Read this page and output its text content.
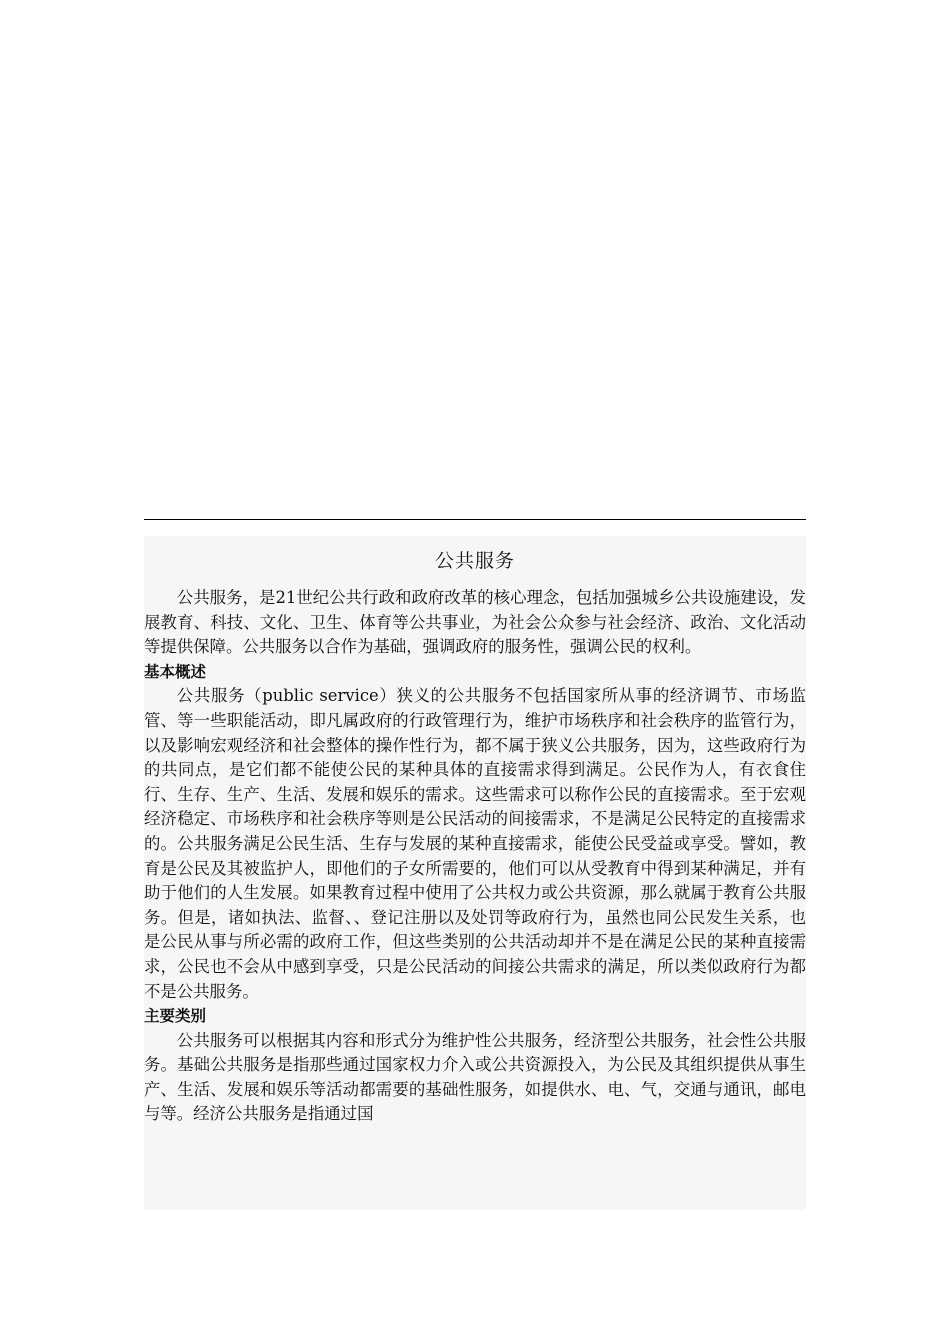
公共服务

公共服务，是21世纪公共行政和政府改革的核心理念，包括加强城乡公共设施建设，发展教育、科技、文化、卫生、体育等公共事业，为社会公众参与社会经济、政治、文化活动等提供保障。公共服务以合作为基础，强调政府的服务性，强调公民的权利。

基本概述

公共服务（public service）狭义的公共服务不包括国家所从事的经济调节、市场监管、等一些职能活动，即凡属政府的行政管理行为，维护市场秩序和社会秩序的监管行为，以及影响宏观经济和社会整体的操作性行为，都不属于狭义公共服务，因为，这些政府行为的共同点，是它们都不能使公民的某种具体的直接需求得到满足。公民作为人，有衣食住行、生存、生产、生活、发展和娱乐的需求。这些需求可以称作公民的直接需求。至于宏观经济稳定、市场秩序和社会秩序等则是公民活动的间接需求，不是满足公民特定的直接需求的。公共服务满足公民生活、生存与发展的某种直接需求，能使公民受益或享受。譬如，教育是公民及其被监护人，即他们的子女所需要的，他们可以从受教育中得到某种满足，并有助于他们的人生发展。如果教育过程中使用了公共权力或公共资源，那么就属于教育公共服务。但是，诸如执法、监督、、登记注册以及处罚等政府行为，虽然也同公民发生关系，也是公民从事与所必需的政府工作，但这些类别的公共活动却并不是在满足公民的某种直接需求，公民也不会从中感到享受，只是公民活动的间接公共需求的满足，所以类似政府行为都不是公共服务。

主要类别

公共服务可以根据其内容和形式分为维护性公共服务，经济型公共服务，社会性公共服务。基础公共服务是指那些通过国家权力介入或公共资源投入，为公民及其组织提供从事生产、生活、发展和娱乐等活动都需要的基础性服务，如提供水、电、气，交通与通讯，邮电与等。经济公共服务是指通过国
